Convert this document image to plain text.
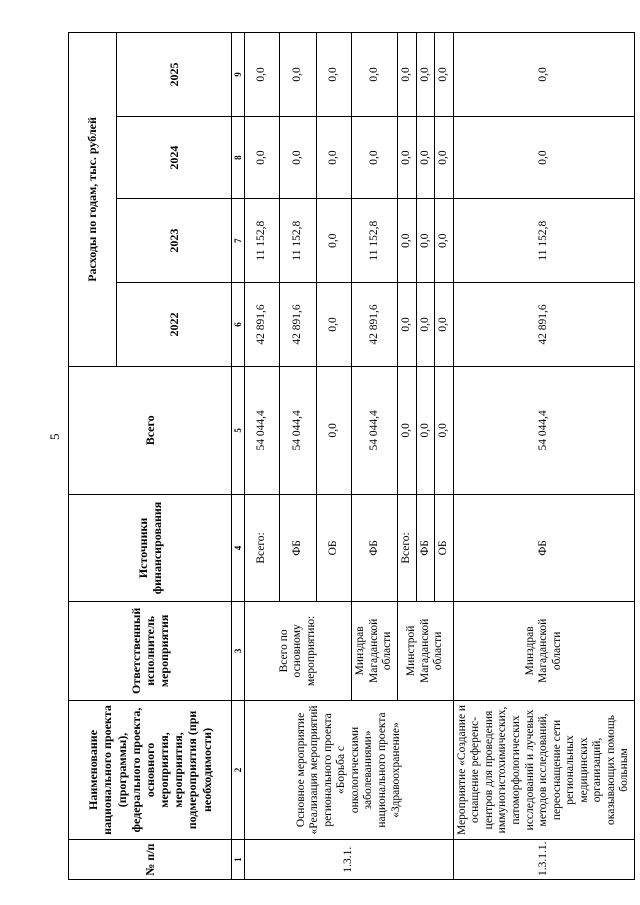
5
№ п/п	Наименование национального проекта (программы), федерального проекта, основного мероприятия, мероприятия, подмероприятия (при необходимости)	Ответственный исполнитель мероприятия	Источники финансирования	Всего	Расходы по годам, тыс. рублей			
					2022	2023	2024	2025
1	2	3	4	5	6	7	8	9
1.3.1.	Основное мероприятие «Реализация мероприятий регионального проекта «Борьба с онкологическими заболеваниями» национального проекта «Здравоохранение»	Всего по основному мероприятию:	Всего:	54 044,4	42 891,6	11 152,8	0,0	0,0
			ФБ	54 044,4	42 891,6	11 152,8	0,0	0,0
			ОБ	0,0	0,0	0,0	0,0	0,0
		Минздрав Магаданской области	ФБ	54 044,4	42 891,6	11 152,8	0,0	0,0
		Минстрой Магаданской области	Всего:	0,0	0,0	0,0	0,0	0,0
			ФБ	0,0	0,0	0,0	0,0	0,0
			ОБ	0,0	0,0	0,0	0,0	0,0
1.3.1.1.	Мероприятие «Создание и оснащение референс-центров для проведения иммуногистохимических, патоморфологических исследований и лучевых методов исследований, переоснащение сети региональных медицинских организаций, оказывающих помощь больным	Минздрав Магаданской области	ФБ	54 044,4	42 891,6	11 152,8	0,0	0,0
